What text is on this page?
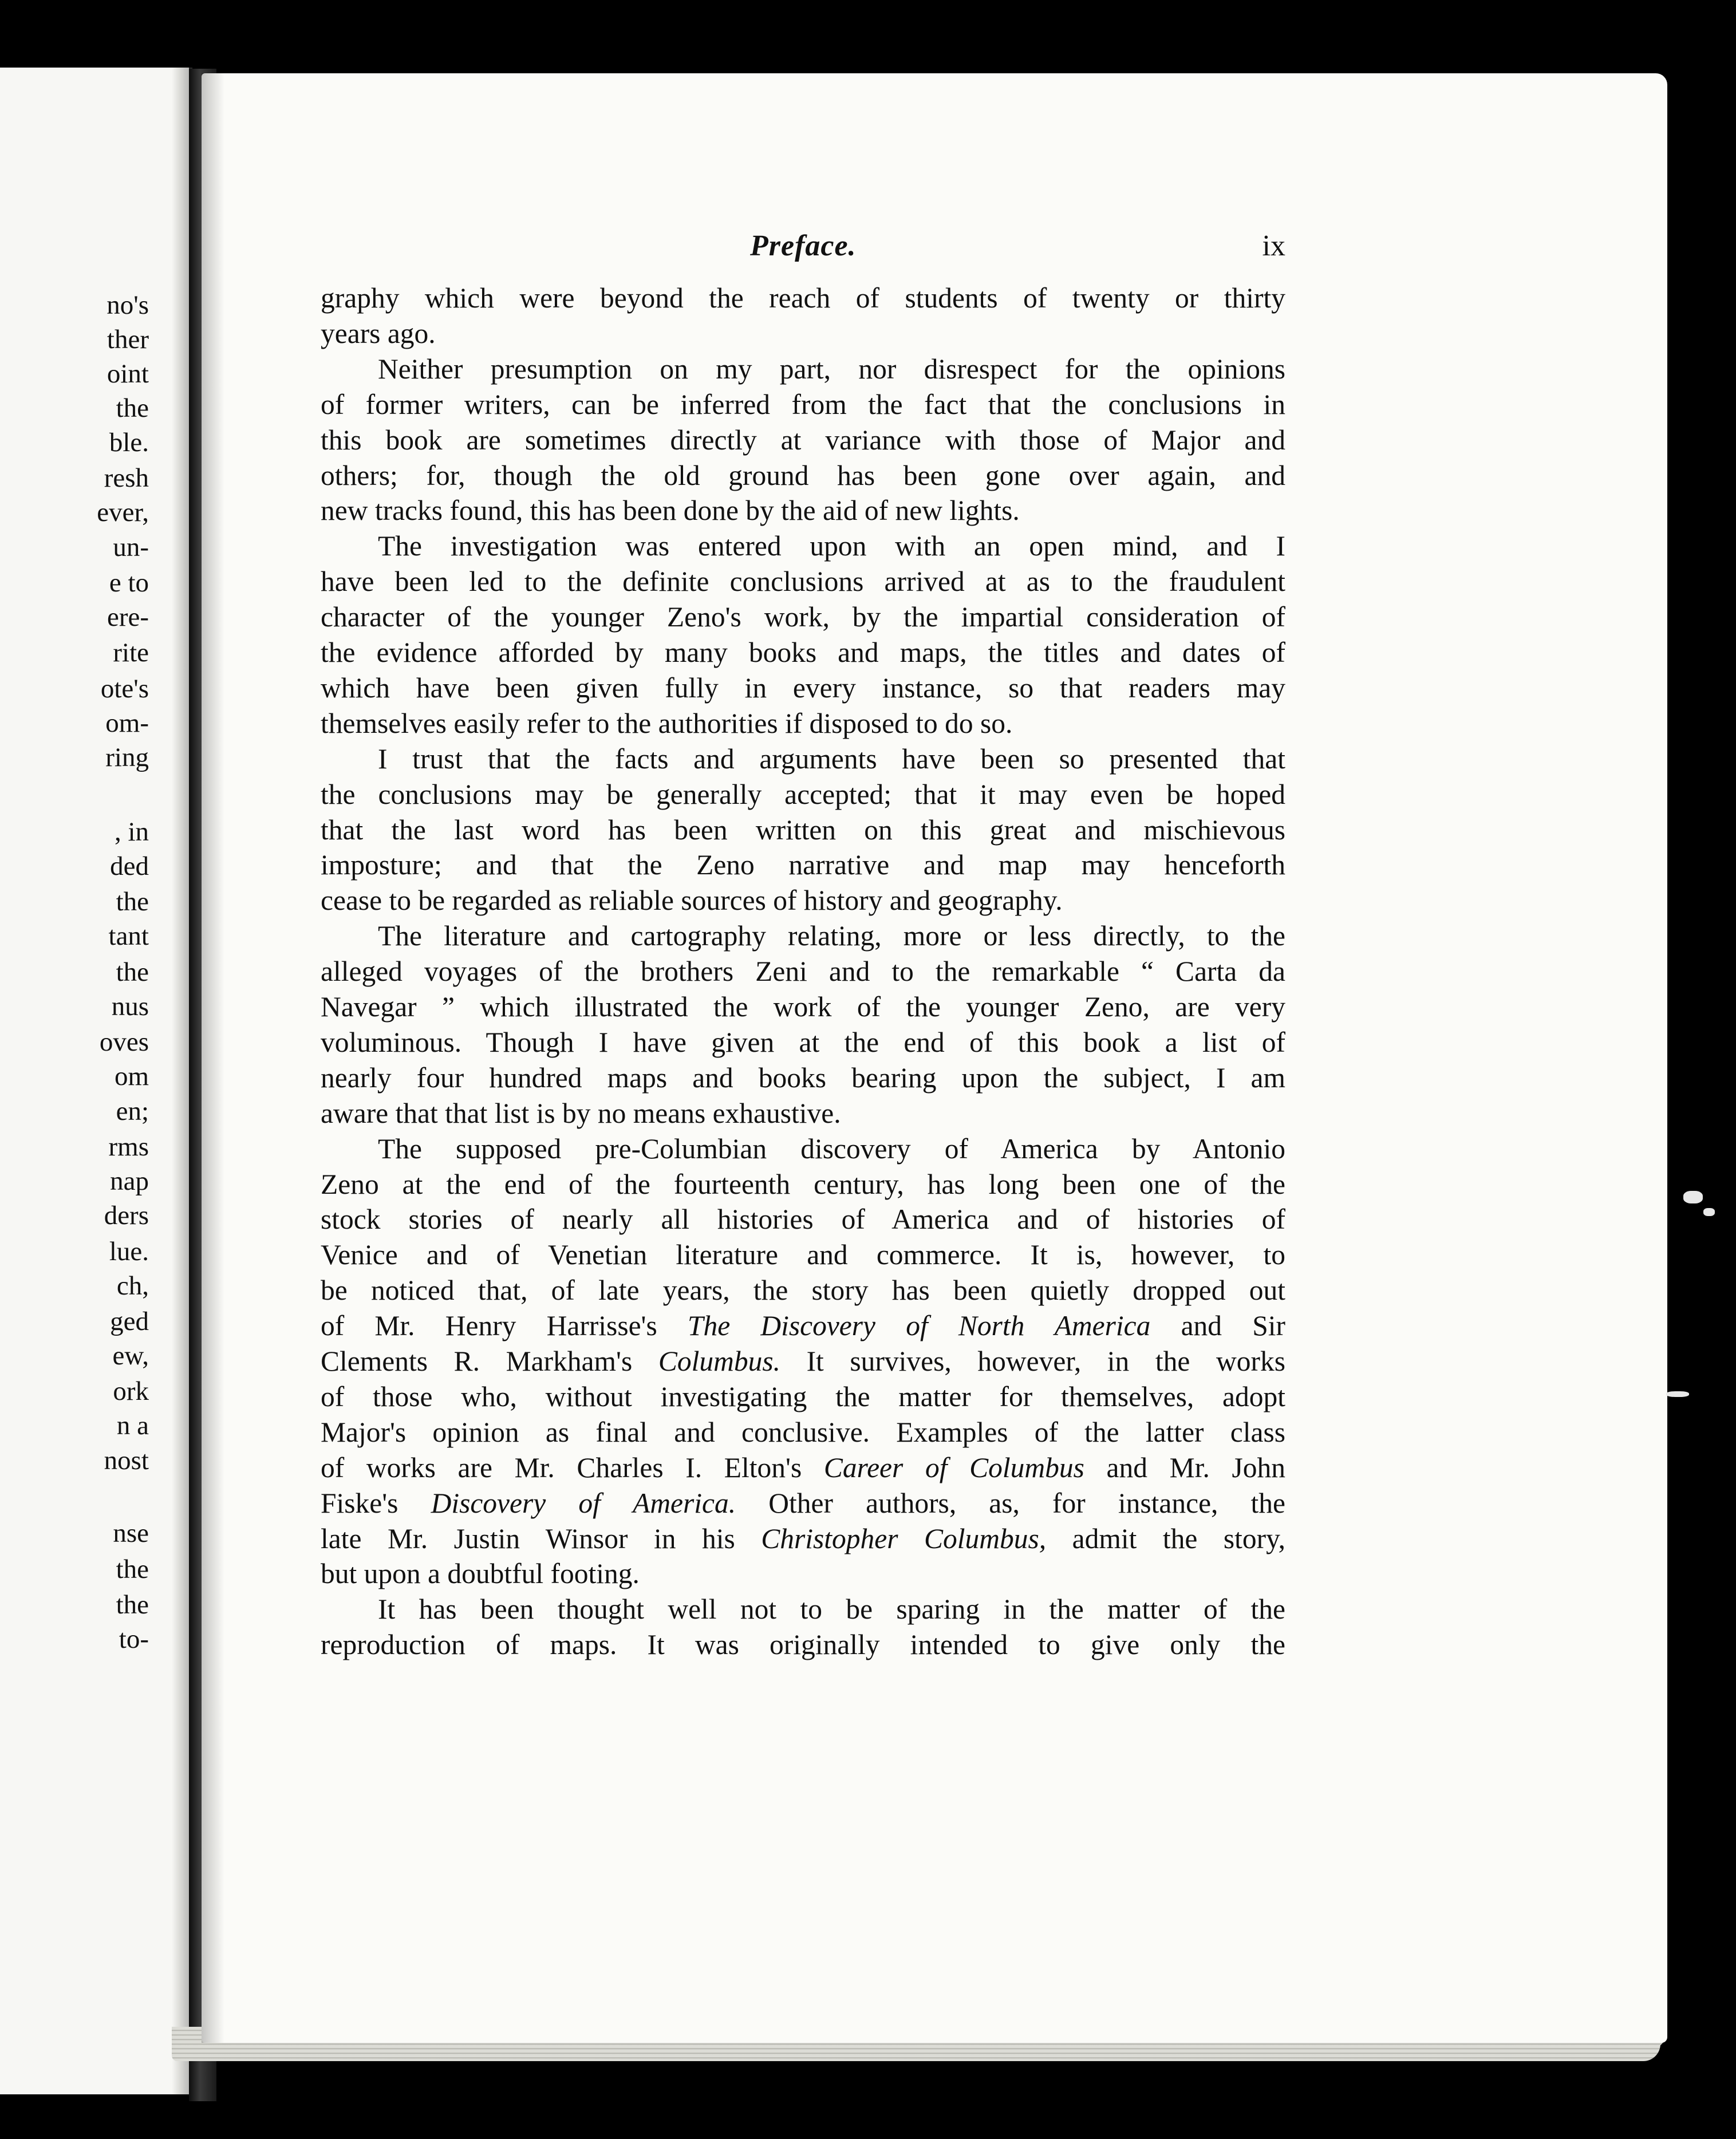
no's
ther
oint
the
ble.
resh
ever,
un-
e to
ere-
rite
ote's
om-
ring
, in
ded
the
tant
the
nus
oves
om
en;
rms
nap
ders
lue.
ch,
ged
ew,
ork
n a
nost
nse
the
the
to-
Preface.	ix
graphy which were beyond the reach of students of twenty or thirty
years ago.
Neither presumption on my part, nor disrespect for the opinions
of former writers, can be inferred from the fact that the conclusions in
this book are sometimes directly at variance with those of Major and
others; for, though the old ground has been gone over again, and
new tracks found, this has been done by the aid of new lights.
The investigation was entered upon with an open mind, and I
have been led to the definite conclusions arrived at as to the fraudulent
character of the younger Zeno's work, by the impartial consideration of
the evidence afforded by many books and maps, the titles and dates of
which have been given fully in every instance, so that readers may
themselves easily refer to the authorities if disposed to do so.
I trust that the facts and arguments have been so presented that
the conclusions may be generally accepted; that it may even be hoped
that the last word has been written on this great and mischievous
imposture; and that the Zeno narrative and map may henceforth
cease to be regarded as reliable sources of history and geography.
The literature and cartography relating, more or less directly, to the
alleged voyages of the brothers Zeni and to the remarkable “ Carta da
Navegar ” which illustrated the work of the younger Zeno, are very
voluminous. Though I have given at the end of this book a list of
nearly four hundred maps and books bearing upon the subject, I am
aware that that list is by no means exhaustive.
The supposed pre-Columbian discovery of America by Antonio
Zeno at the end of the fourteenth century, has long been one of the
stock stories of nearly all histories of America and of histories of
Venice and of Venetian literature and commerce. It is, however, to
be noticed that, of late years, the story has been quietly dropped out
of Mr. Henry Harrisse's The Discovery of North America and Sir
Clements R. Markham's Columbus. It survives, however, in the works
of those who, without investigating the matter for themselves, adopt
Major's opinion as final and conclusive. Examples of the latter class
of works are Mr. Charles I. Elton's Career of Columbus and Mr. John
Fiske's Discovery of America. Other authors, as, for instance, the
late Mr. Justin Winsor in his Christopher Columbus, admit the story,
but upon a doubtful footing.
It has been thought well not to be sparing in the matter of the
reproduction of maps. It was originally intended to give only the
